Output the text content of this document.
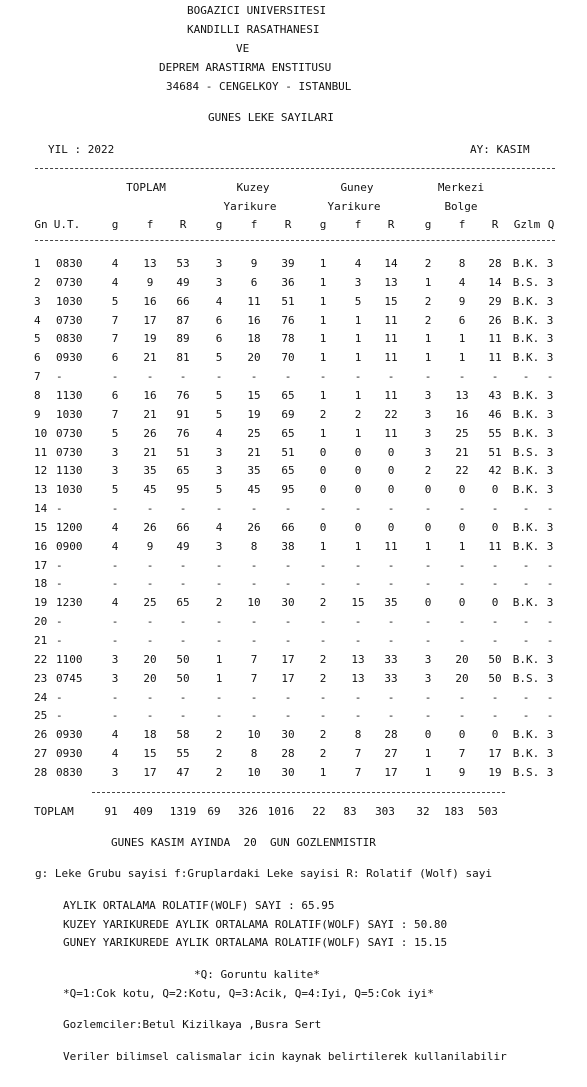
BOGAZICI UNIVERSITESI
KANDILLI RASATHANESI
VE
DEPREM ARASTIRMA ENSTITUSU
34684 - CENGELKOY - ISTANBUL
GUNES LEKE SAYILARI
YIL : 2022	AY: KASIM
TOPLAM	Kuzey	Guney	Merkezi
Yarikure	Yarikure	Bolge
Gn U.T.	g	f R	g	f R	g	f R	g f R Gzlm Q
1 0830	4 13 53 3	9 39 1	4 14 2 8 28 B.K. 3
2 0730	4	9 49 3	6 36 1	3 13 1 4 14 B.S. 3
3 1030	5 16 66 4 11 51 1	5 15 2 9 29 B.K. 3
4 0730	7 17 87 6 16 76 1	1 11 2 6 26 B.K. 3
5 0830	7 19 89 6 18 78 1	1 11 1 1 11 B.K. 3
6 0930	6 21 81 5 20 70 1	1 11 1 1 11 B.K. 3
7 -	-	- -	-	- -	-	- -	- - - - -
8 1130	6 16 76 5 15 65 1	1 11 3 13 43 B.K. 3
9 1030	7 21 91 5 19 69 2	2 22 3 16 46 B.K. 3
10 0730	5 26 76 4 25 65 1	1 11 3 25 55 B.K. 3
11 0730	3 21 51 3 21 51 0	0 0	3 21 51 B.S. 3
12 1130	3 35 65 3 35 65 0	0 0	2 22 42 B.K. 3
13 1030	5 45 95 5 45 95 0	0 0	0 0 0 B.K. 3
14 -	-	- -	-	- -	-	- -	- - - - -
15 1200	4 26 66 4 26 66 0	0 0	0 0 0 B.K. 3
16 0900	4	9 49 3	8 38 1	1 11 1 1 11 B.K. 3
17 -	-	- -	-	- -	-	- -	- - - - -
18 -	-	- -	-	- -	-	- -	- - - - -
19 1230	4 25 65 2 10 30 2 15 35 0 0 0 B.K. 3
20 -	-	- -	-	- -	-	- -	- - - - -
21 -	-	- -	-	- -	-	- -	- - - - -
22 1100	3 20 50 1	7 17 2 13 33 3 20 50 B.K. 3
23 0745	3 20 50 1	7 17 2 13 33 3 20 50 B.S. 3
24 -	-	- -	-	- -	-	- -	- - - - -
25 -	-	- -	-	- -	-	- -	- - - - -
26 0930	4 18 58 2 10 30 2	8 28 0 0 0 B.K. 3
27 0930	4 15 55 2	8 28 2	7 27 1 7 17 B.K. 3
28 0830	3 17 47 2 10 30 1	7 17 1 9 19 B.S. 3
TOPLAM	91 409 1319 69 326 1016 22 83 303 32 183 503
GUNES KASIM AYINDA  20  GUN GOZLENMISTIR
g: Leke Grubu sayisi f:Gruplardaki Leke sayisi R: Rolatif (Wolf) sayi
AYLIK ORTALAMA ROLATIF(WOLF) SAYI : 65.95
KUZEY YARIKUREDE AYLIK ORTALAMA ROLATIF(WOLF) SAYI : 50.80
GUNEY YARIKUREDE AYLIK ORTALAMA ROLATIF(WOLF) SAYI : 15.15
*Q: Goruntu kalite*
*Q=1:Cok kotu, Q=2:Kotu, Q=3:Acik, Q=4:Iyi, Q=5:Cok iyi*
Gozlemciler:Betul Kizilkaya ,Busra Sert
Veriler bilimsel calismalar icin kaynak belirtilerek kullanilabilir
